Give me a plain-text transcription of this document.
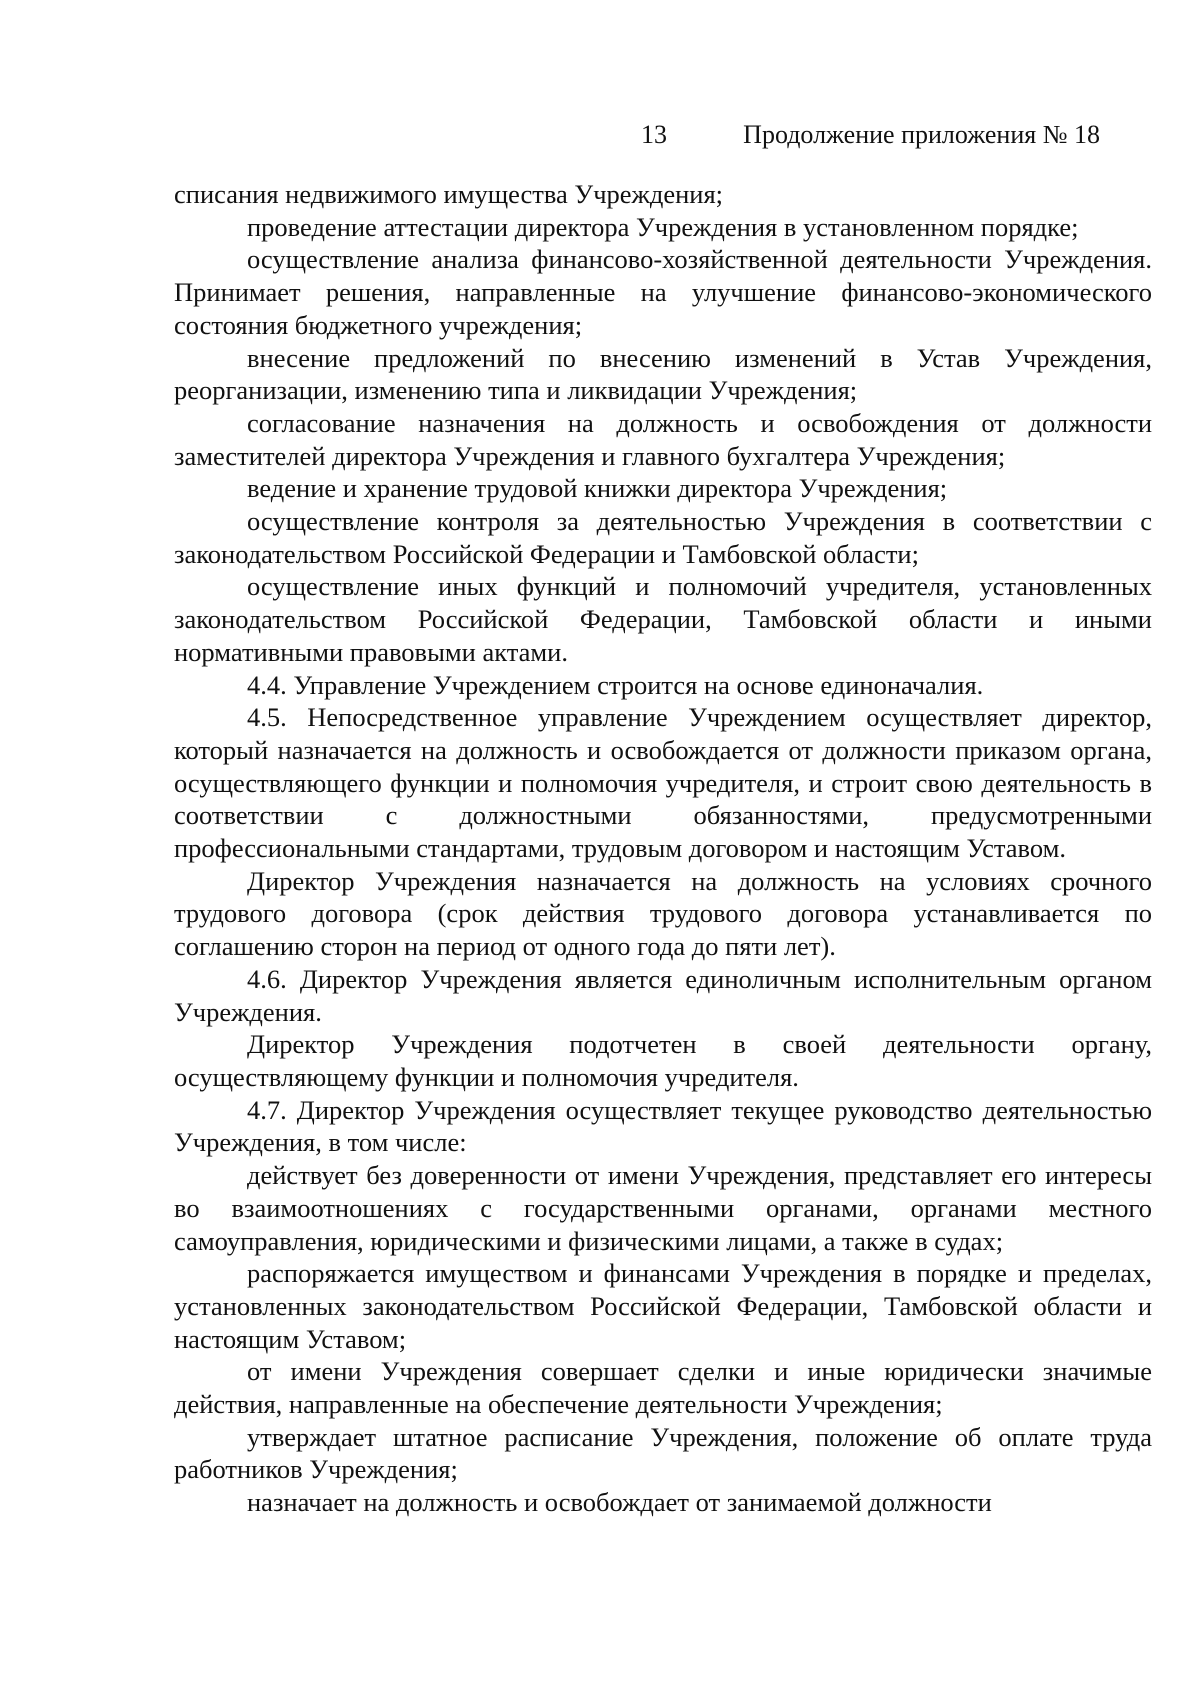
13	Продолжение приложения № 18

списания недвижимого имущества Учреждения;

проведение аттестации директора Учреждения в установленном порядке;

осуществление анализа финансово-хозяйственной деятельности Учреждения. Принимает решения, направленные на улучшение финансово-экономического состояния бюджетного учреждения;

внесение предложений по внесению изменений в Устав Учреждения, реорганизации, изменению типа и ликвидации Учреждения;

согласование назначения на должность и освобождения от должности заместителей директора Учреждения и главного бухгалтера Учреждения;

ведение и хранение трудовой книжки директора Учреждения;

осуществление контроля за деятельностью Учреждения в соответствии с законодательством Российской Федерации и Тамбовской области;

осуществление иных функций и полномочий учредителя, установленных законодательством Российской Федерации, Тамбовской области и иными нормативными правовыми актами.

4.4. Управление Учреждением строится на основе единоначалия.

4.5. Непосредственное управление Учреждением осуществляет директор, который назначается на должность и освобождается от должности приказом органа, осуществляющего функции и полномочия учредителя, и строит свою деятельность в соответствии с должностными обязанностями, предусмотренными профессиональными стандартами, трудовым договором и настоящим Уставом.

Директор Учреждения назначается на должность на условиях срочного трудового договора (срок действия трудового договора устанавливается по соглашению сторон на период от одного года до пяти лет).

4.6. Директор Учреждения является единоличным исполнительным органом Учреждения.

Директор Учреждения подотчетен в своей деятельности органу, осуществляющему функции и полномочия учредителя.

4.7. Директор Учреждения осуществляет текущее руководство деятельностью Учреждения, в том числе:

действует без доверенности от имени Учреждения, представляет его интересы во взаимоотношениях с государственными органами, органами местного самоуправления, юридическими и физическими лицами, а также в судах;

распоряжается имуществом и финансами Учреждения в порядке и пределах, установленных законодательством Российской Федерации, Тамбовской области и настоящим Уставом;

от имени Учреждения совершает сделки и иные юридически значимые действия, направленные на обеспечение деятельности Учреждения;

утверждает штатное расписание Учреждения, положение об оплате труда работников Учреждения;

назначает на должность и освобождает от занимаемой должности
